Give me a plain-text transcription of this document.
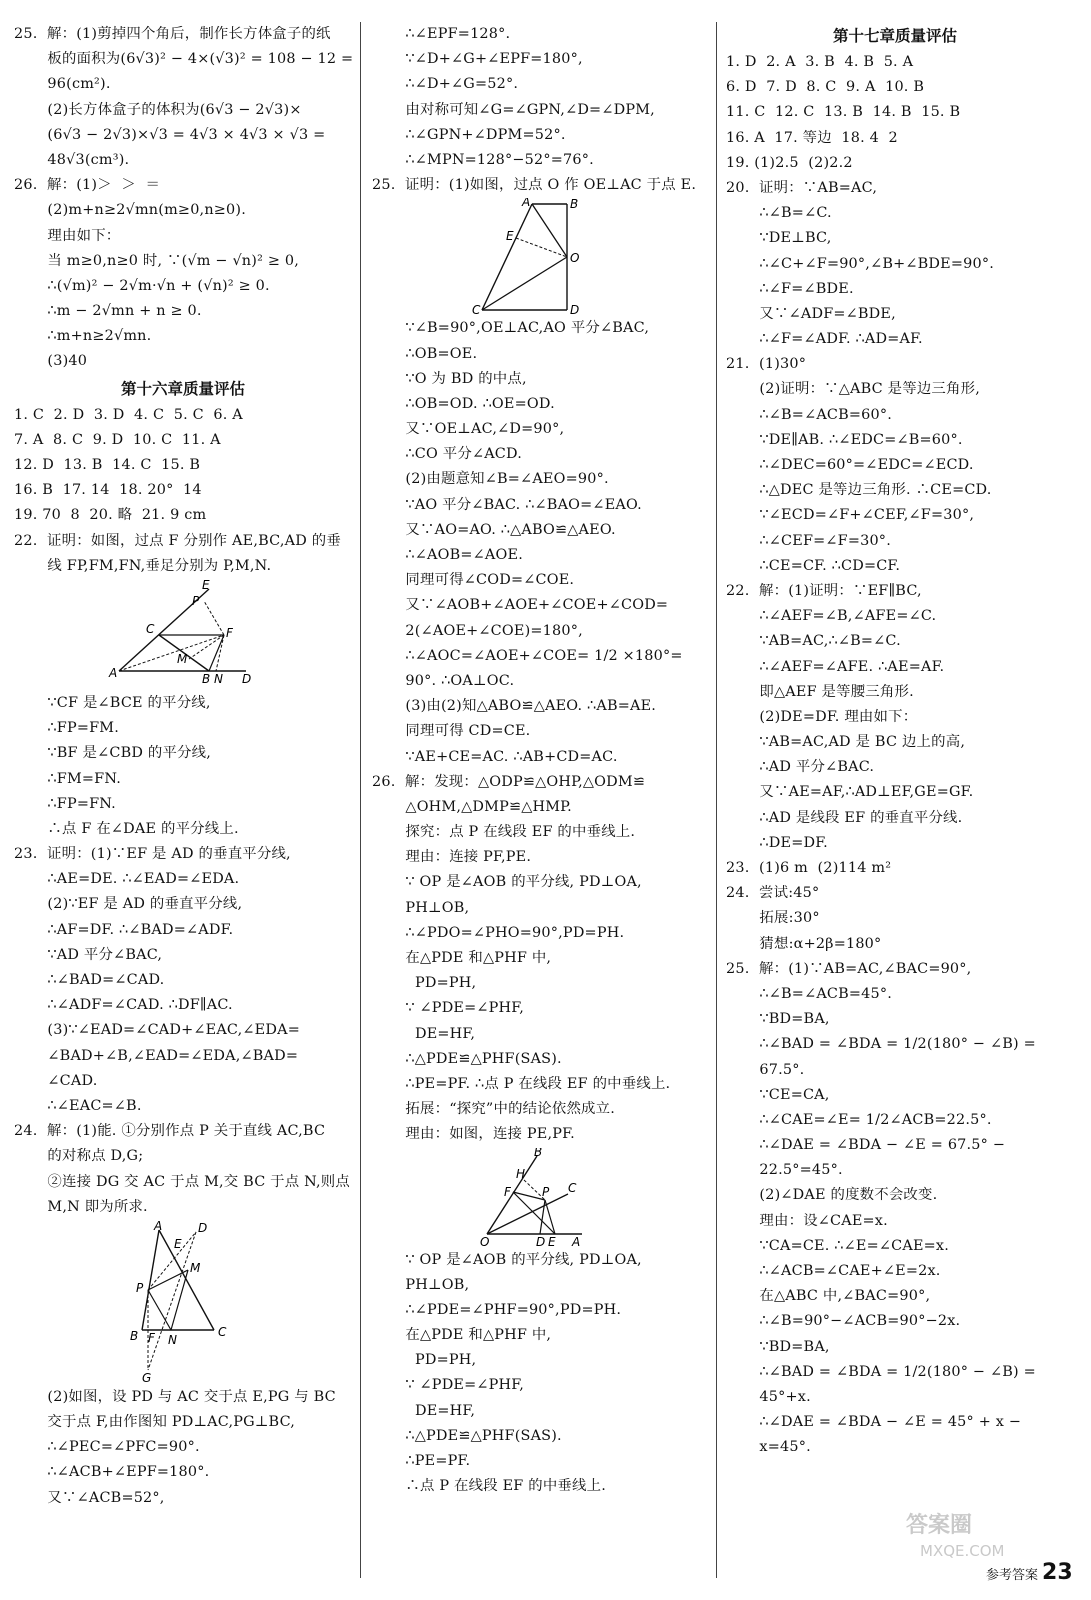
25.  解：(1)剪掉四个角后，制作长方体盒子的纸
板的面积为(6√3)² − 4×(√3)² = 108 − 12 =
96(cm²).
(2)长方体盒子的体积为(6√3 − 2√3)×
(6√3 − 2√3)×√3 = 4√3 × 4√3 × √3 =
48√3(cm³).
26.  解：(1)＞  ＞  ＝
(2)m+n≥2√mn(m≥0,n≥0).
理由如下：
当 m≥0,n≥0 时, ∵(√m − √n)² ≥ 0,
∴(√m)² − 2√m·√n + (√n)² ≥ 0.
∴m − 2√mn + n ≥ 0.
∴m+n≥2√mn.
(3)40
第十六章质量评估
1. C  2. D  3. D  4. C  5. C  6. A
7. A  8. C  9. D  10. C  11. A
12. D  13. B  14. C  15. B
16. B  17. 14  18. 20°  14
19. 70  8  20. 略  21. 9 cm
22.  证明：如图，过点 F 分别作 AE,BC,AD 的垂
线 FP,FM,FN,垂足分别为 P,M,N.
E
P
C	F
M
A	B N D
∵CF 是∠BCE 的平分线,
∴FP=FM.
∵BF 是∠CBD 的平分线,
∴FM=FN.
∴FP=FN.
∴点 F 在∠DAE 的平分线上.
23.  证明：(1)∵EF 是 AD 的垂直平分线,
∴AE=DE. ∴∠EAD=∠EDA.
(2)∵EF 是 AD 的垂直平分线,
∴AF=DF. ∴∠BAD=∠ADF.
∵AD 平分∠BAC,
∴∠BAD=∠CAD.
∴∠ADF=∠CAD. ∴DF∥AC.
(3)∵∠EAD=∠CAD+∠EAC,∠EDA=
∠BAD+∠B,∠EAD=∠EDA,∠BAD=
∠CAD.
∴∠EAC=∠B.
24.  解：(1)能. ①分别作点 P 关于直线 AC,BC
的对称点 D,G;
②连接 DG 交 AC 于点 M,交 BC 于点 N,则点
M,N 即为所求.
A	D
E
M
P
B F N
C
G
(2)如图，设 PD 与 AC 交于点 E,PG 与 BC
交于点 F,由作图知 PD⊥AC,PG⊥BC,
∴∠PEC=∠PFC=90°.
∴∠ACB+∠EPF=180°.
又∵∠ACB=52°,
∴∠EPF=128°.
∵∠D+∠G+∠EPF=180°,
∴∠D+∠G=52°.
由对称可知∠G=∠GPN,∠D=∠DPM,
∴∠GPN+∠DPM=52°.
∴∠MPN=128°−52°=76°.
25.  证明：(1)如图，过点 O 作 OE⊥AC 于点 E.
A	B
E
O
C	D
∵∠B=90°,OE⊥AC,AO 平分∠BAC,
∴OB=OE.
∵O 为 BD 的中点,
∴OB=OD. ∴OE=OD.
又∵OE⊥AC,∠D=90°,
∴CO 平分∠ACD.
(2)由题意知∠B=∠AEO=90°.
∵AO 平分∠BAC. ∴∠BAO=∠EAO.
又∵AO=AO. ∴△ABO≌△AEO.
∴∠AOB=∠AOE.
同理可得∠COD=∠COE.
又∵∠AOB+∠AOE+∠COE+∠COD=
2(∠AOE+∠COE)=180°,
∴∠AOC=∠AOE+∠COE= 1/2 ×180°=
90°. ∴OA⊥OC.
(3)由(2)知△ABO≌△AEO. ∴AB=AE.
同理可得 CD=CE.
∵AE+CE=AC. ∴AB+CD=AC.
26.  解：发现：△ODP≌△OHP,△ODM≌
△OHM,△DMP≌△HMP.
探究：点 P 在线段 EF 的中垂线上.
理由：连接 PF,PE.
∵ OP 是∠AOB 的平分线, PD⊥OA,
PH⊥OB,
∴∠PDO=∠PHO=90°,PD=PH.
在△PDE 和△PHF 中,
PD=PH,
∵ ∠PDE=∠PHF,
DE=HF,
∴△PDE≌△PHF(SAS).
∴PE=PF. ∴点 P 在线段 EF 的中垂线上.
拓展：“探究”中的结论依然成立.
理由：如图，连接 PE,PF.
B
C
H
F	P
O	D E A
∵ OP 是∠AOB 的平分线, PD⊥OA,
PH⊥OB,
∴∠PDE=∠PHF=90°,PD=PH.
在△PDE 和△PHF 中,
PD=PH,
∵ ∠PDE=∠PHF,
DE=HF,
∴△PDE≌△PHF(SAS).
∴PE=PF.
∴点 P 在线段 EF 的中垂线上.
第十七章质量评估
1. D  2. A  3. B  4. B  5. A
6. D  7. D  8. C  9. A  10. B
11. C  12. C  13. B  14. B  15. B
16. A  17. 等边  18. 4  2
19. (1)2.5  (2)2.2
20.  证明：∵AB=AC,
∴∠B=∠C.
∵DE⊥BC,
∴∠C+∠F=90°,∠B+∠BDE=90°.
∴∠F=∠BDE.
又∵∠ADF=∠BDE,
∴∠F=∠ADF. ∴AD=AF.
21.  (1)30°
(2)证明：∵△ABC 是等边三角形,
∴∠B=∠ACB=60°.
∵DE∥AB. ∴∠EDC=∠B=60°.
∴∠DEC=60°=∠EDC=∠ECD.
∴△DEC 是等边三角形. ∴CE=CD.
∵∠ECD=∠F+∠CEF,∠F=30°,
∴∠CEF=∠F=30°.
∴CE=CF. ∴CD=CF.
22.  解：(1)证明：∵EF∥BC,
∴∠AEF=∠B,∠AFE=∠C.
∵AB=AC,∴∠B=∠C.
∴∠AEF=∠AFE. ∴AE=AF.
即△AEF 是等腰三角形.
(2)DE=DF. 理由如下：
∵AB=AC,AD 是 BC 边上的高,
∴AD 平分∠BAC.
又∵AE=AF,∴AD⊥EF,GE=GF.
∴AD 是线段 EF 的垂直平分线.
∴DE=DF.
23.  (1)6 m  (2)114 m²
24.  尝试:45°
拓展:30°
猜想:α+2β=180°
25.  解：(1)∵AB=AC,∠BAC=90°,
∴∠B=∠ACB=45°.
∵BD=BA,
∴∠BAD = ∠BDA = 1/2(180° − ∠B) =
67.5°.
∵CE=CA,
∴∠CAE=∠E= 1/2∠ACB=22.5°.
∴∠DAE = ∠BDA − ∠E = 67.5° −
22.5°=45°.
(2)∠DAE 的度数不会改变.
理由：设∠CAE=x.
∵CA=CE. ∴∠E=∠CAE=x.
∴∠ACB=∠CAE+∠E=2x.
在△ABC 中,∠BAC=90°,
∴∠B=90°−∠ACB=90°−2x.
∵BD=BA,
∴∠BAD = ∠BDA = 1/2(180° − ∠B) =
45°+x.
∴∠DAE = ∠BDA − ∠E = 45° + x −
x=45°.
答案圈
MXQE.COM
参考答案 23
